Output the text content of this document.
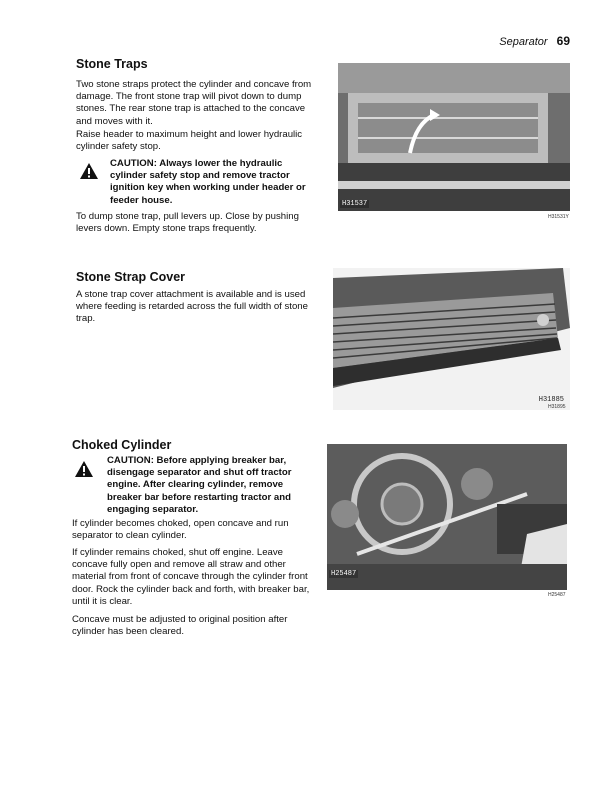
Separator 69
Stone Traps

Two stone straps protect the cylinder and concave from damage. The front stone trap will pivot down to dump stones. The rear stone trap is attached to the concave and moves with it.

Raise header to maximum height and lower hydraulic cylinder safety stop.

CAUTION: Always lower the hydraulic cylinder safety stop and remove tractor ignition key when working under header or feeder house.

To dump stone trap, pull levers up. Close by pushing levers down. Empty stone traps frequently.

H31537
H31531Y
Stone Strap Cover

A stone trap cover attachment is available and is used where feeding is retarded across the full width of stone trap.

H31885
H31895
Choked Cylinder
CAUTION: Before applying breaker bar, disengage separator and shut off tractor engine. After clearing cylinder, remove breaker bar before restarting tractor and engaging separator.

If cylinder becomes choked, open concave and run separator to clean cylinder.

If cylinder remains choked, shut off engine. Leave concave fully open and remove all straw and other material from front of concave through the cylinder front door. Rock the cylinder back and forth, with breaker bar, until it is clear.

Concave must be adjusted to original position after cylinder has been cleared.

H25487
H25487
